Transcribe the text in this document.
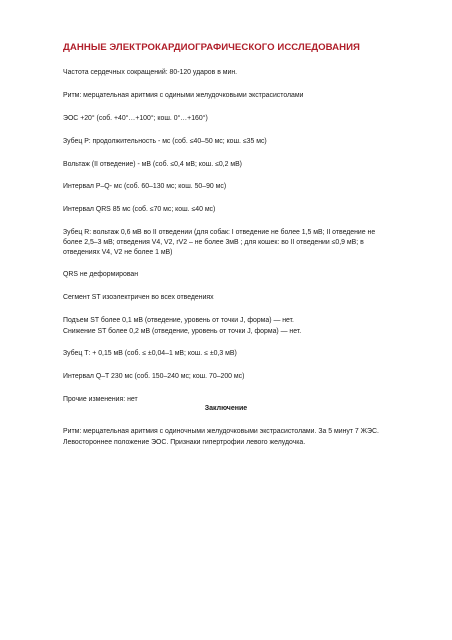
ДАННЫЕ ЭЛЕКТРОКАРДИОГРАФИЧЕСКОГО ИССЛЕДОВАНИЯ
Частота сердечных сокращений: 80-120 ударов в мин.
Ритм: мерцательная аритмия с одиными желудочковыми экстрасистолами
ЭОС +20° (соб. +40°…+100°; кош. 0°…+160°)
Зубец Р: продолжительность - мс (соб. ≤40–50 мс; кош. ≤35 мс)
Вольтаж (II отведение) - мВ (соб. ≤0,4 мВ; кош. ≤0,2 мВ)
Интервал P–Q- мс (соб. 60–130 мс; кош. 50–90 мс)
Интервал QRS 85 мс (соб. ≤70 мс; кош. ≤40 мс)
Зубец R: вольтаж 0,6 мВ во II отведении (для собак: I отведение не более 1,5 мВ; II отведение не
более 2,5–3 мВ; отведения V4, V2, rV2 – не более 3мВ ; для кошек: во II отведении ≤0,9 мВ; в
отведениях V4, V2 не более 1 мВ)
QRS не деформирован
Сегмент ST изоэлектричен во всех отведениях
Подъем ST более 0,1 мВ (отведение, уровень от точки J, форма) — нет.
Снижение ST более 0,2 мВ (отведение, уровень от точки J, форма) — нет.
Зубец Т: + 0,15 мВ (соб. ≤ ±0,04–1 мВ; кош. ≤ ±0,3 мВ)
Интервал Q–T 230 мс (соб. 150–240 мс; кош. 70–200 мс)
Прочие изменения: нет
Заключение
Ритм: мерцательная аритмия с одиночными желудочковыми экстрасистолами. За 5 минут 7 ЖЭС.
Левостороннее положение ЭОС. Признаки гипертрофии левого желудочка.
